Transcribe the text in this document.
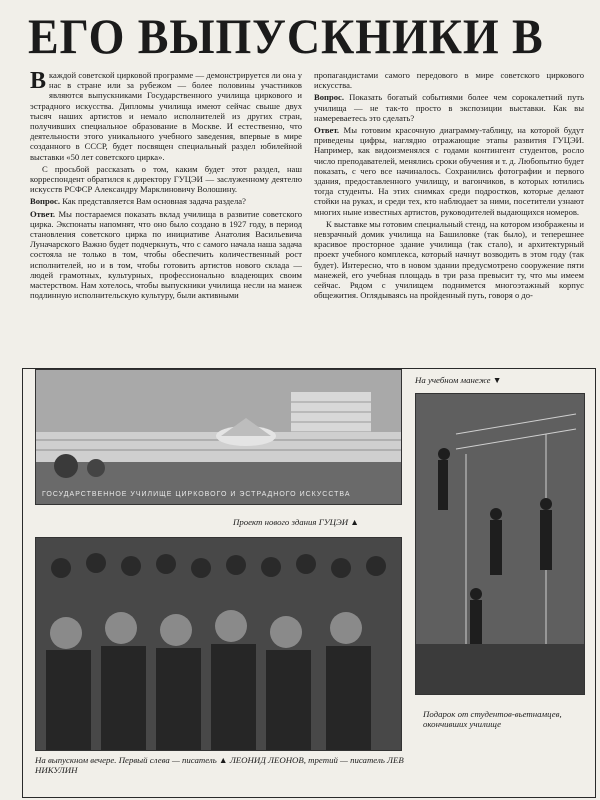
ЕГО ВЫПУСКНИКИ В

Вкаждой советской цирковой программе — демонстрируется ли она у нас в стране или за рубежом — более половины участников являются выпускниками Государственного училища циркового и эстрадного искусства. Дипломы училища имеют сейчас свыше двух тысяч наших артистов и немало исполнителей из других стран, получивших специальное образование в Москве. И естественно, что деятельности этого уникального учебного заведения, впервые в мире созданного в СССР, будет посвящен специальный раздел юбилейной выставки «50 лет советского цирка».

С просьбой рассказать о том, каким будет этот раздел, наш корреспондент обратился к директору ГУЦЭИ — заслуженному деятелю искусств РСФСР Александру Марклиновичу Волошину.

Вопрос. Как представляется Вам основная задача раздела?

Ответ. Мы постараемся показать вклад училища в развитие советского цирка. Экспонаты напомнят, что оно было создано в 1927 году, в период становления советского цирка по инициативе Анатолия Васильевича Луначарского Важно будет подчеркнуть, что с самого начала наша задача состояла не только в том, чтобы обеспечить количественный рост исполнителей, но и в том, чтобы готовить артистов нового склада — людей грамотных, культурных, профессионально владеющих своим мастерством. Нам хотелось, чтобы выпускники училища несли на манеж подлинную исполнительскую культуру, были активными

пропагандистами самого передового в мире советского циркового искусства.

Вопрос. Показать богатый событиями более чем сорокалетний путь училища — не так-то просто в экспозиции выставки. Как вы намереваетесь это сделать?

Ответ. Мы готовим красочную диаграмму-таблицу, на которой будут приведены цифры, наглядно отражающие этапы развития ГУЦЭИ. Например, как видоизменялся с годами контингент студентов, росло число преподавателей, менялись сроки обучения и т. д. Любопытно будет показать, с чего все начиналось. Сохранились фотографии и первого здания, предоставленного училищу, и вагончиков, в которых ютились тогда студенты. На этих снимках среди подростков, которые делают стойки на руках, и среди тех, кто наблюдает за ними, посетители узнают многих ныне известных артистов, руководителей выдающихся номеров.

К выставке мы готовим специальный стенд, на котором изображены и невзрачный домик училища на Башиловке (так было), и теперешнее красивое просторное здание училища (так стало), и архитектурный проект учебного комплекса, который начнут возводить в этом году (так будет). Интересно, что в новом здании предусмотрено сооружение пяти манежей, его учебная площадь в три раза превысит ту, что мы имеем сейчас. Рядом с училищем поднимется многоэтажный корпус общежития. Оглядываясь на пройденный путь, говоря о до-

ГОСУДАРСТВЕННОЕ УЧИЛИЩЕ ЦИРКОВОГО И ЭСТРАДНОГО ИСКУССТВА
Проект нового здания ГУЦЭИ ▲
На учебном манеже ▼
Подарок от студентов-вьетнамцев, окончивших училище
На выпускном вечере. Первый слева — писатель ▲ ЛЕОНИД ЛЕОНОВ, третий — писатель ЛЕВ НИКУЛИН
